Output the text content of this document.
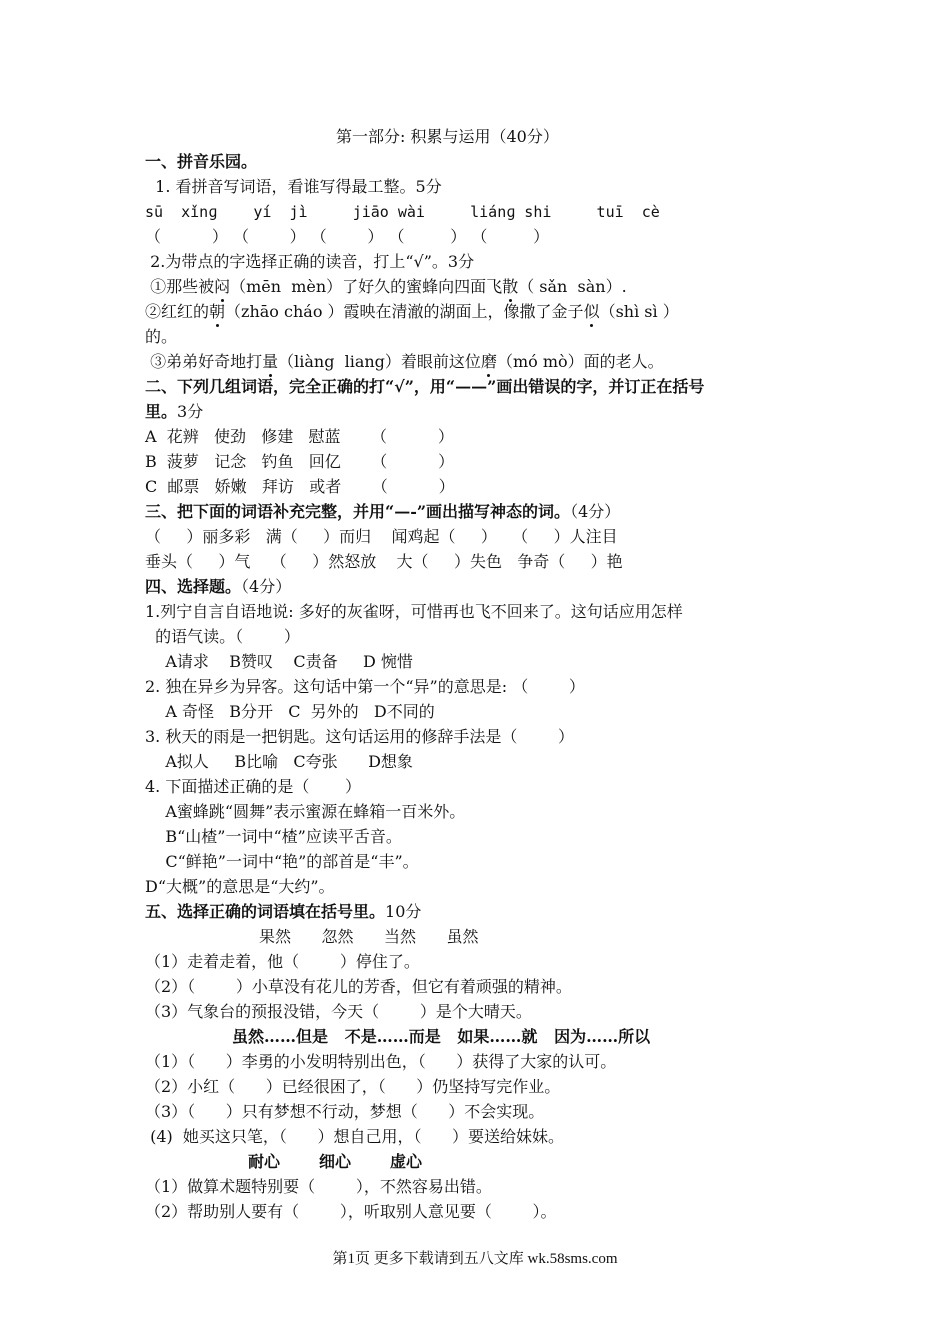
第一部分: 积累与运用（40分）
一、拼音乐园。
1. 看拼音写词语，看谁写得最工整。5分
sū  xǐnɡ    yí  jì     jiāo wài     liánɡ shi     tuī  cè
（          ） （        ） （        ） （         ） （         ）
2.为带点的字选择正确的读音，打上“√”。3分
①那些被闷（mēn  mèn）了好久的蜜蜂向四面飞散（ sǎn  sàn）.
②红红的朝（zhāo cháo ）霞映在清澈的湖面上，像撒了金子似（shì sì ）
的。
③弟弟好奇地打量（liàng  liang）着眼前这位磨（mó mò）面的老人。
二、下列几组词语，完全正确的打“√”，用“——”画出错误的字，并订正在括号
里。3分
A  花辨   使劲   修建   慰蓝      （          ）
B  菠萝   记念   钓鱼   回亿      （          ）
C  邮票   娇嫩   拜访   或者      （          ）
三、把下面的词语补充完整，并用“—-”画出描写神态的词。（4分）
（     ）丽多彩   满（     ）而归    闻鸡起（     ）   （     ）人注目
垂头（     ）气    （     ）然怒放    大（     ）失色   争奇（     ）艳
四、选择题。（4分）
1.列宁自言自语地说: 多好的灰雀呀，可惜再也飞不回来了。这句话应用怎样
的语气读。（        ）
A请求    B赞叹    C责备     D 惋惜
2. 独在异乡为异客。这句话中第一个“异”的意思是: （        ）
A 奇怪   B分开   C  另外的   D不同的
3. 秋天的雨是一把钥匙。这句话运用的修辞手法是（        ）
A拟人     B比喻   C夸张      D想象
4. 下面描述正确的是（       ）
A蜜蜂跳“圆舞”表示蜜源在蜂箱一百米外。
B“山楂”一词中“楂”应读平舌音。
C“鲜艳”一词中“艳”的部首是“丰”。
D“大概”的意思是“大约”。
五、选择正确的词语填在括号里。10分
果然      忽然      当然      虽然
（1）走着走着，他（        ）停住了。
（2）（        ）小草没有花儿的芳香，但它有着顽强的精神。
（3）气象台的预报没错，今天（        ）是个大晴天。
虽然……但是   不是……而是   如果……就   因为……所以
（1）（      ）李勇的小发明特别出色，（      ）获得了大家的认可。
（2）小红（      ）已经很困了，（      ）仍坚持写完作业。
（3）（      ）只有梦想不行动，梦想（      ）不会实现。
(4)  她买这只笔，（      ）想自己用，（      ）要送给妹妹。
耐心       细心       虚心
（1）做算术题特别要（        ），不然容易出错。
（2）帮助别人要有（        ），听取别人意见要（        ）。
第1页 更多下载请到五八文库 wk.58sms.com
